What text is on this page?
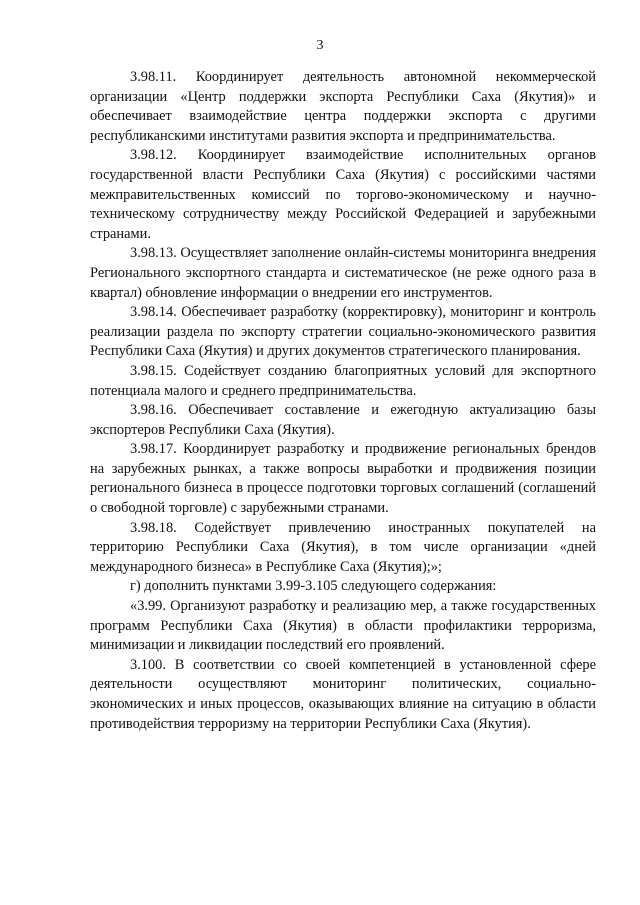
3

3.98.11. Координирует деятельность автономной некоммерческой организации «Центр поддержки экспорта Республики Саха (Якутия)» и обеспечивает взаимодействие центра поддержки экспорта с другими республиканскими институтами развития экспорта и предпринимательства.

3.98.12. Координирует взаимодействие исполнительных органов государственной власти Республики Саха (Якутия) с российскими частями межправительственных комиссий по торгово-экономическому и научно-техническому сотрудничеству между Российской Федерацией и зарубежными странами.

3.98.13. Осуществляет заполнение онлайн-системы мониторинга внедрения Регионального экспортного стандарта и систематическое (не реже одного раза в квартал) обновление информации о внедрении его инструментов.

3.98.14. Обеспечивает разработку (корректировку), мониторинг и контроль реализации раздела по экспорту стратегии социально-экономического развития Республики Саха (Якутия) и других документов стратегического планирования.

3.98.15. Содействует созданию благоприятных условий для экспортного потенциала малого и среднего предпринимательства.

3.98.16. Обеспечивает составление и ежегодную актуализацию базы экспортеров Республики Саха (Якутия).

3.98.17. Координирует разработку и продвижение региональных брендов на зарубежных рынках, а также вопросы выработки и продвижения позиции регионального бизнеса в процессе подготовки торговых соглашений (соглашений о свободной торговле) с зарубежными странами.

3.98.18. Содействует привлечению иностранных покупателей на территорию Республики Саха (Якутия), в том числе организации «дней международного бизнеса» в Республике Саха (Якутия);»;

г) дополнить пунктами 3.99-3.105 следующего содержания:

«3.99. Организуют разработку и реализацию мер, а также государственных программ Республики Саха (Якутия) в области профилактики терроризма, минимизации и ликвидации последствий его проявлений.

3.100. В соответствии со своей компетенцией в установленной сфере деятельности осуществляют мониторинг политических, социально-экономических и иных процессов, оказывающих влияние на ситуацию в области противодействия терроризму на территории Республики Саха (Якутия).
